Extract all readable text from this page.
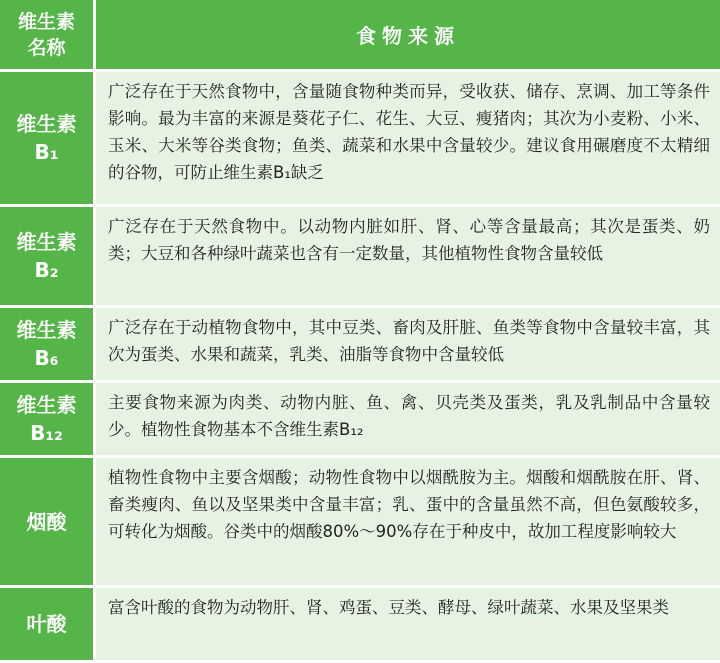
维生素
名称	食物来源

维生素
B₁	广泛存在于天然食物中，含量随食物种类而异，受收获、储存、烹调、加工等条件影响。最为丰富的来源是葵花子仁、花生、大豆、瘦猪肉；其次为小麦粉、小米、玉米、大米等谷类食物；鱼类、蔬菜和水果中含量较少。建议食用碾磨度不太精细的谷物，可防止维生素B₁缺乏

维生素
B₂	广泛存在于天然食物中。以动物内脏如肝、肾、心等含量最高；其次是蛋类、奶类；大豆和各种绿叶蔬菜也含有一定数量，其他植物性食物含量较低

维生素
B₆	广泛存在于动植物食物中，其中豆类、畜肉及肝脏、鱼类等食物中含量较丰富，其次为蛋类、水果和蔬菜，乳类、油脂等食物中含量较低

维生素
B₁₂	主要食物来源为肉类、动物内脏、鱼、禽、贝壳类及蛋类，乳及乳制品中含量较少。植物性食物基本不含维生素B₁₂

烟酸	植物性食物中主要含烟酸；动物性食物中以烟酰胺为主。烟酸和烟酰胺在肝、肾、畜类瘦肉、鱼以及坚果类中含量丰富；乳、蛋中的含量虽然不高，但色氨酸较多，可转化为烟酸。谷类中的烟酸80%～90%存在于种皮中，故加工程度影响较大

叶酸	富含叶酸的食物为动物肝、肾、鸡蛋、豆类、酵母、绿叶蔬菜、水果及坚果类
